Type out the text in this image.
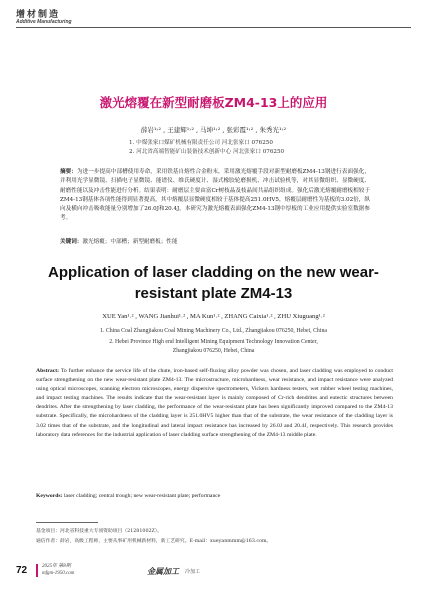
增材制造
Additive Manufacturing
激光熔覆在新型耐磨板ZM4-13上的应用
薛岩¹˒² , 王建辉¹˒² , 马坤¹˒² , 张彩霞¹˒² , 朱秀光¹˒²
1. 中煤张家口煤矿机械有限责任公司 河北张家口 076250
2. 河北省高端智能矿山装备技术创新中心 河北张家口 076250
摘要：为进一步提高中部槽使用寿命，采用铁基自熔性合金粉末，采用激光熔覆手段对新型耐磨板ZM4-13钢进行表面强化，并利用光学显微镜、扫描电子显微镜、能谱仪、维氏硬度计、湿式橡胶轮磨损机、冲击试验机等，对其显微组织、显微硬度、耐磨性能以及冲击性能进行分析。结果表明：耐磨层主要由富Cr树枝晶及枝晶间共晶组织组成。强化后激光熔覆耐磨板相较于ZM4-13钢基体各项性能得到显著提高，其中熔覆层显微硬度相较于基体提高251.0HV5，熔覆层耐磨性为基板的3.02倍，纵向及横向冲击吸收能量分别增加了26.0J和20.4J。本研究为激光熔覆表面强化ZM4-13钢中厚板的工业应用提供实验室数据参考。
关键词：激光熔覆；中部槽；新型耐磨板；性能
Application of laser cladding on the new wear-
resistant plate ZM4-13
XUE Yan¹˒² , WANG Jianhui¹˒² , MA Kun¹˒² , ZHANG Caixia¹˒² , ZHU Xiuguang¹˒²
1. China Coal Zhangjiakou Coal Mining Machinery Co., Ltd., Zhangjiakou 076250, Hebei, China
2. Hebei Province High end Intelligent Mining Equipment Technology Innovation Center,
Zhangjiakou 076250, Hebei, China
Abstract: To further enhance the service life of the chute, iron-based self-fluxing alloy powder was chosen, and laser cladding was employed to conduct surface strengthening on the new wear-resistant plate ZM4-13. The microstructure, microhardness, wear resistance, and impact resistance were analyzed using optical microscopes, scanning electron microscopes, energy dispersive spectrometers, Vickers hardness testers, wet rubber wheel testing machines, and impact testing machines. The results indicate that the wear-resistant layer is mainly composed of Cr-rich dendrites and eutectic structures between dendrites. After the strengthening by laser cladding, the performance of the wear-resistant plate has been significantly improved compared to the ZM4-13 substrate. Specifically, the microhardness of the cladding layer is 251.0HV5 higher than that of the substrate, the wear resistance of the cladding layer is 3.02 times that of the substrate, and the longitudinal and lateral impact resistance has increased by 26.0J and 20.4J, respectively. This research provides laboratory data references for the industrial application of laser cladding surface strengthening of the ZM4-13 middle plate.
Keywords: laser cladding; central trough; new wear-resistant plate; performance
基金项目：河北省科技重大专项资助项目（21281002Z）。
通信作者：薛岩，高级工程师，主要从事矿用机械新材料，新工艺研究。E-mail：xueyanmmm@163.com。
72	2025年 第8期
mfgm-1950.com	金属加工 冷加工
